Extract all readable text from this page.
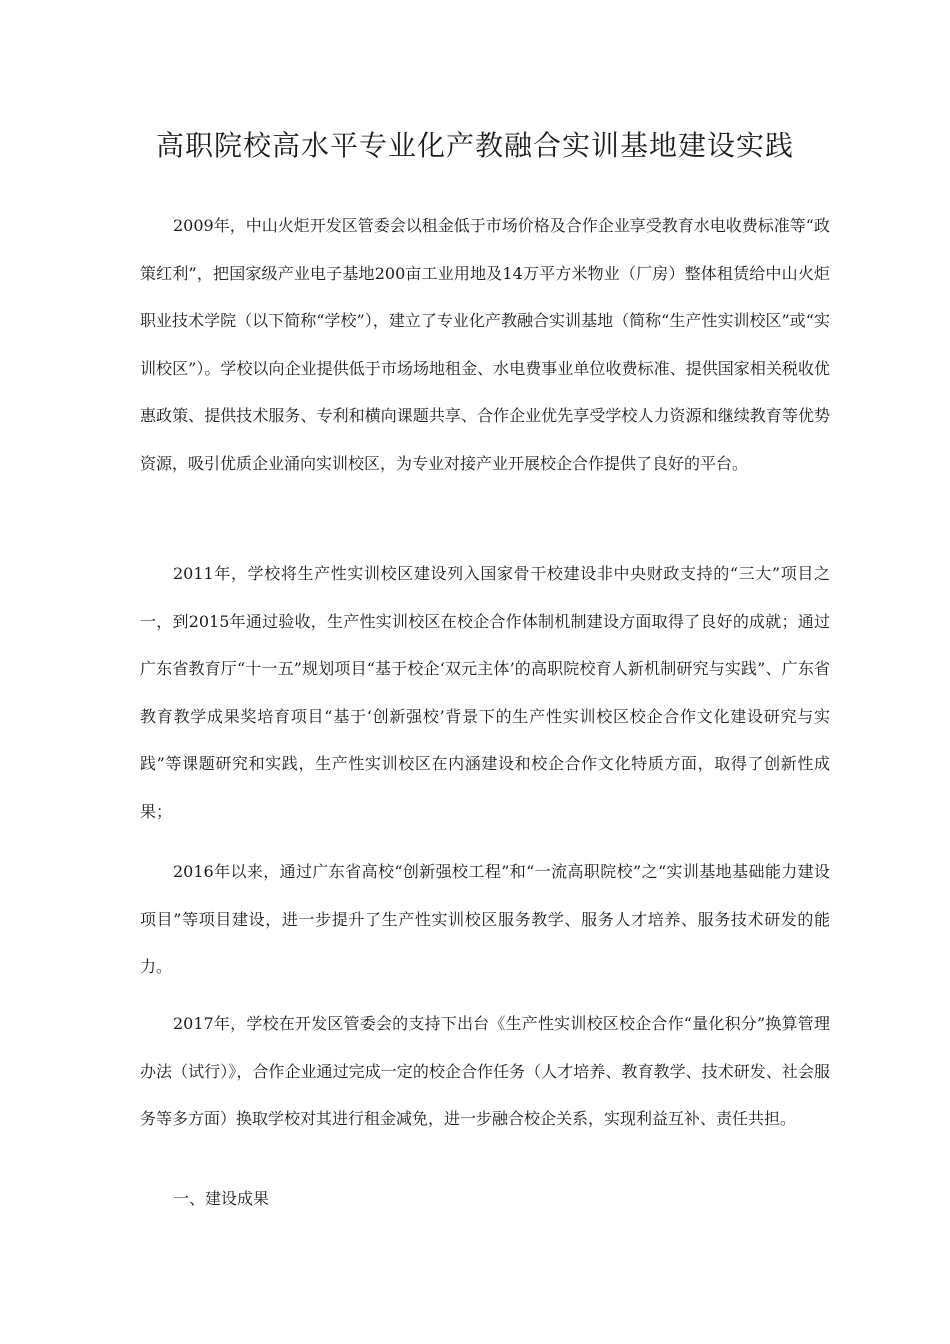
高职院校高水平专业化产教融合实训基地建设实践

2009年，中山火炬开发区管委会以租金低于市场价格及合作企业享受教育水电收费标准等“政策红利”，把国家级产业电子基地200亩工业用地及14万平方米物业（厂房）整体租赁给中山火炬职业技术学院（以下简称“学校”），建立了专业化产教融合实训基地（简称“生产性实训校区”或“实训校区”）。学校以向企业提供低于市场场地租金、水电费事业单位收费标准、提供国家相关税收优惠政策、提供技术服务、专利和横向课题共享、合作企业优先享受学校人力资源和继续教育等优势资源，吸引优质企业涌向实训校区，为专业对接产业开展校企合作提供了良好的平台。

2011年，学校将生产性实训校区建设列入国家骨干校建设非中央财政支持的“三大”项目之一，到2015年通过验收，生产性实训校区在校企合作体制机制建设方面取得了良好的成就；通过广东省教育厅“十一五”规划项目“基于校企‘双元主体’的高职院校育人新机制研究与实践”、广东省教育教学成果奖培育项目“基于‘创新强校’背景下的生产性实训校区校企合作文化建设研究与实践”等课题研究和实践，生产性实训校区在内涵建设和校企合作文化特质方面，取得了创新性成果；

2016年以来，通过广东省高校“创新强校工程”和“一流高职院校”之“实训基地基础能力建设项目”等项目建设，进一步提升了生产性实训校区服务教学、服务人才培养、服务技术研发的能力。

2017年，学校在开发区管委会的支持下出台《生产性实训校区校企合作“量化积分”换算管理办法（试行）》，合作企业通过完成一定的校企合作任务（人才培养、教育教学、技术研发、社会服务等多方面）换取学校对其进行租金减免，进一步融合校企关系，实现利益互补、责任共担。

一、建设成果
